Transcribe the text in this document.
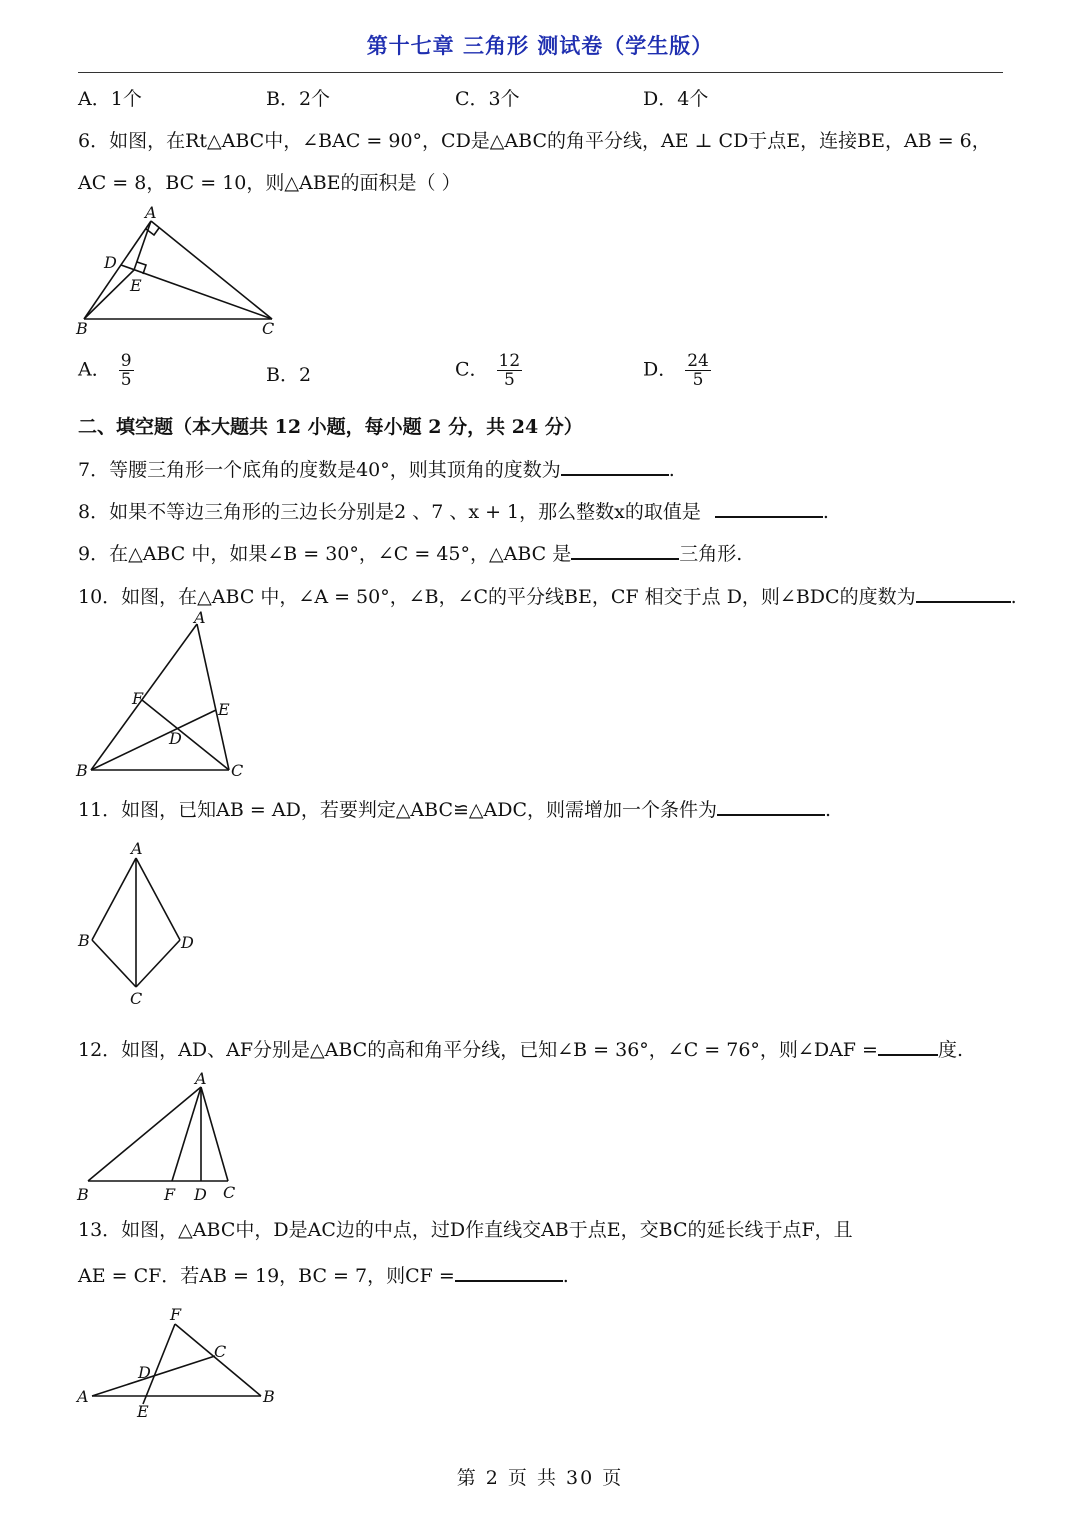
第十七章 三角形 测试卷（学生版）
A．1个	B．2个	C．3个	D．4个
6．如图，在Rt△ABC中，∠BAC = 90°，CD是△ABC的角平分线，AE ⊥ CD于点E，连接BE，AB = 6，
AC = 8，BC = 10，则△ABE的面积是（ ）
A
D
E
B	C
A． $\frac{9}{5}$	B．2	C． $\frac{12}{5}$	D． $\frac{24}{5}$
二、填空题（本大题共 12 小题，每小题 2 分，共 24 分）
7．等腰三角形一个底角的度数是40°，则其顶角的度数为	.
8．如果不等边三角形的三边长分别是2 、7 、x + 1，那么整数x的取值是	.
9．在△ABC 中，如果∠B = 30°，∠C = 45°，△ABC 是	三角形.
10．如图，在△ABC 中，∠A = 50°，∠B，∠C的平分线BE，CF 相交于点 D，则∠BDC的度数为	.
A
F
E
D
B	C
11．如图，已知AB = AD，若要判定△ABC≌△ADC，则需增加一个条件为	.
A
B	D
C
12．如图，AD、AF分别是△ABC的高和角平分线，已知∠B = 36°，∠C = 76°，则∠DAF =	度.
A
B	F D C
13．如图，△ABC中，D是AC边的中点，过D作直线交AB于点E，交BC的延长线于点F，且
AE = CF．若AB = 19，BC = 7，则CF =	.
F
C
D
A	B
E
第 2 页 共 30 页
